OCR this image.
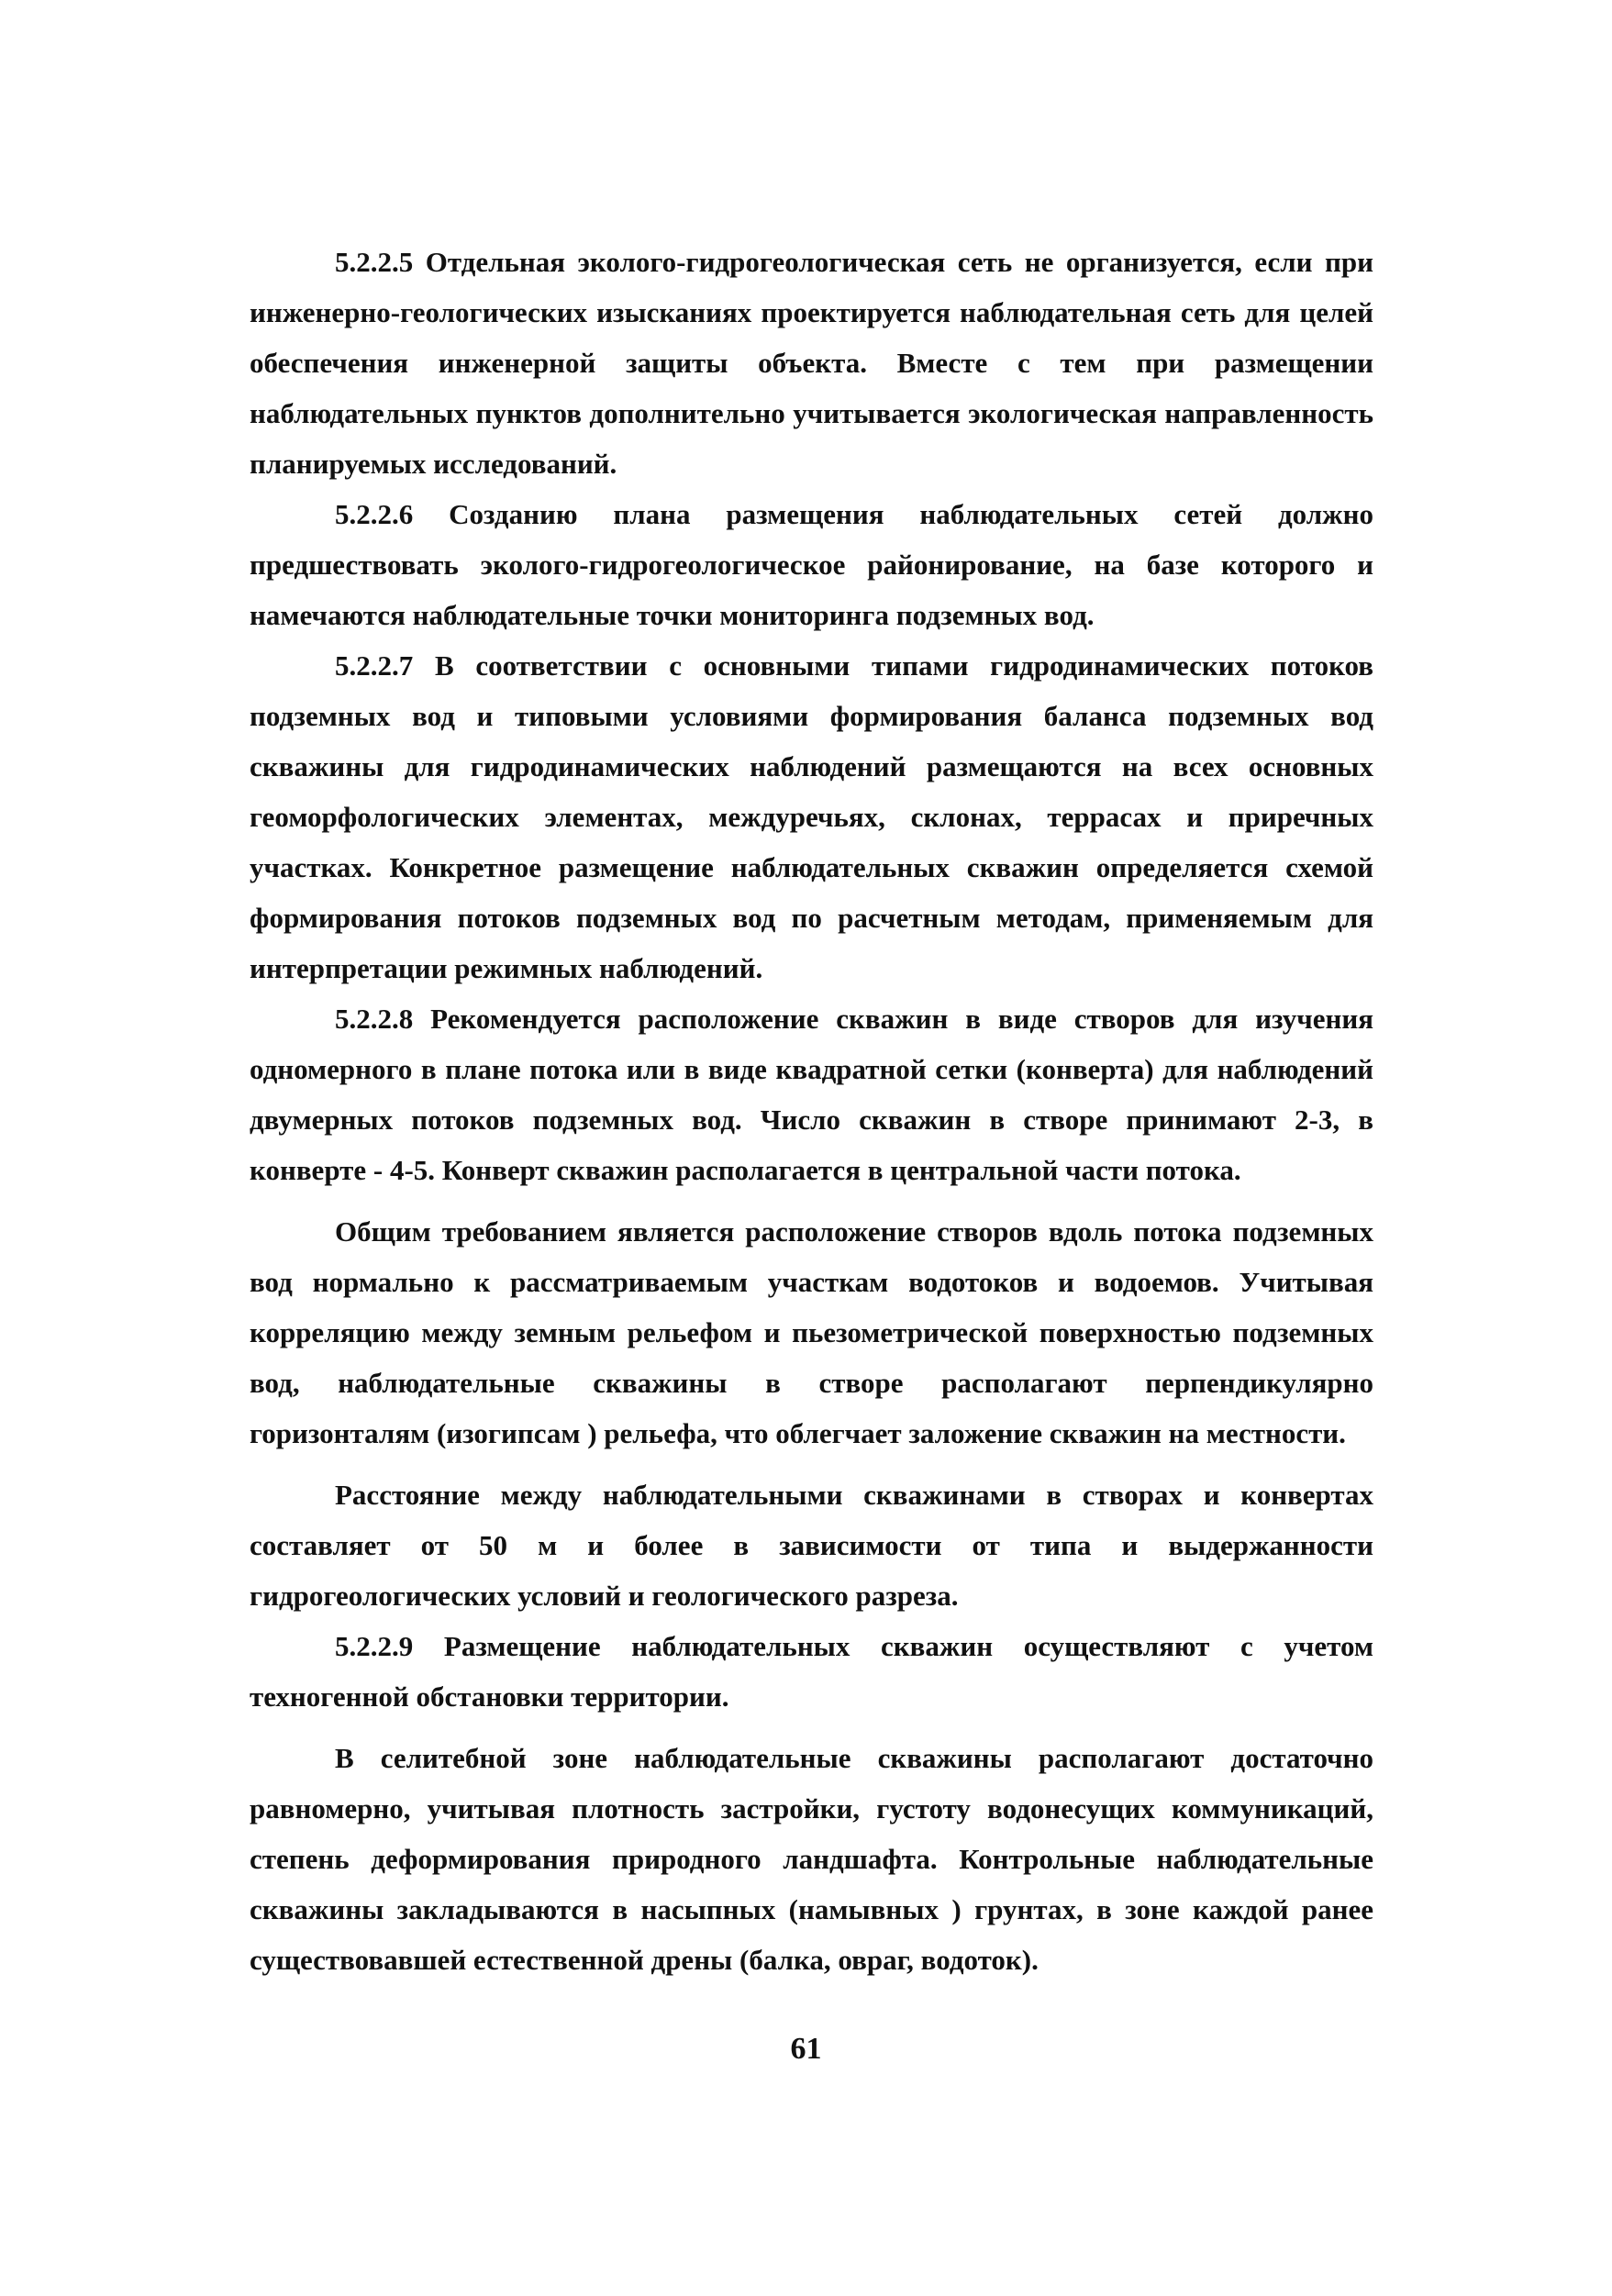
5.2.2.5 Отдельная эколого-гидрогеологическая сеть не организуется, если при инженерно-геологических изысканиях проектируется наблюдательная сеть для целей обеспечения инженерной защиты объекта. Вместе с тем при размещении наблюдательных пунктов дополнительно учитывается экологическая направленность планируемых исследований.

5.2.2.6 Созданию плана размещения наблюдательных сетей должно предшествовать эколого-гидрогеологическое районирование, на базе которого и намечаются наблюдательные точки мониторинга подземных вод.

5.2.2.7 В соответствии с основными типами гидродинамических потоков подземных вод и типовыми условиями формирования баланса подземных вод скважины для гидродинамических наблюдений размещаются на всех основных геоморфологических элементах, междуречьях, склонах, террасах и приречных участках. Конкретное размещение наблюдательных скважин определяется схемой формирования потоков подземных вод по расчетным методам, применяемым для интерпретации режимных наблюдений.

5.2.2.8 Рекомендуется расположение скважин в виде створов для изучения одномерного в плане потока или в виде квадратной сетки (конверта) для наблюдений двумерных потоков подземных вод. Число скважин в створе принимают 2-3, в конверте - 4-5. Конверт скважин располагается в центральной части потока.

Общим требованием является расположение створов вдоль потока подземных вод нормально к рассматриваемым участкам водотоков и водоемов. Учитывая корреляцию между земным рельефом и пьезометрической поверхностью подземных вод, наблюдательные скважины в створе располагают перпендикулярно горизонталям (изогипсам ) рельефа, что облегчает заложение скважин на местности.

Расстояние между наблюдательными скважинами в створах и конвертах составляет от 50 м и более в зависимости от типа и выдержанности гидрогеологических условий и геологического разреза.

5.2.2.9 Размещение наблюдательных скважин осуществляют с учетом техногенной обстановки территории.

В селитебной зоне наблюдательные скважины располагают достаточно равномерно, учитывая плотность застройки, густоту водонесущих коммуникаций, степень деформирования природного ландшафта. Контрольные наблюдательные скважины закладываются в насыпных (намывных ) грунтах, в зоне каждой ранее существовавшей естественной дрены (балка, овраг, водоток).

61
